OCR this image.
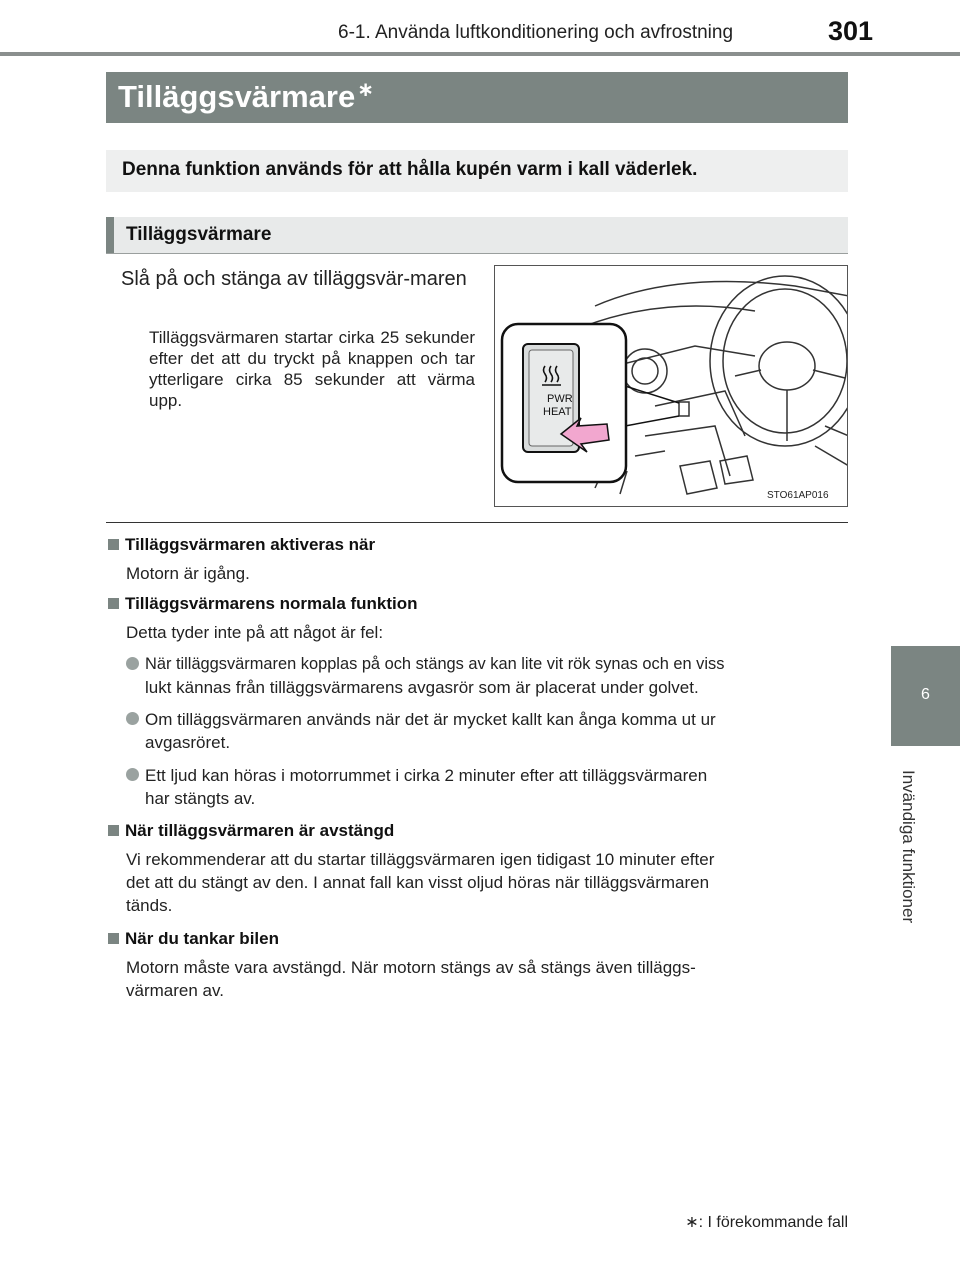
6-1. Använda luftkonditionering och avfrostning	301
6
Invändiga funktioner
Tilläggsvärmare ∗
Denna funktion används för att hålla kupén varm i kall väderlek.
Tilläggsvärmare
Slå på och stänga av tilläggsvär-maren
Tilläggsvärmaren startar cirka 25 sekunder efter det att du tryckt på knappen och tar ytterligare cirka 85 sekunder att värma upp.	PWR
HEAT
STO61AP016
Tilläggsvärmaren aktiveras när
Motorn är igång.
Tilläggsvärmarens normala funktion
Detta tyder inte på att något är fel:
När tilläggsvärmaren kopplas på och stängs av kan lite vit rök synas och en viss
lukt kännas från tilläggsvärmarens avgasrör som är placerat under golvet.
Om tilläggsvärmaren används när det är mycket kallt kan ånga komma ut ur
avgasröret.
Ett ljud kan höras i motorrummet i cirka 2 minuter efter att tilläggsvärmaren
har stängts av.
När tilläggsvärmaren är avstängd
Vi rekommenderar att du startar tilläggsvärmaren igen tidigast 10 minuter efter
det att du stängt av den. I annat fall kan visst oljud höras när tilläggsvärmaren
tänds.
När du tankar bilen
Motorn måste vara avstängd. När motorn stängs av så stängs även tilläggs-
värmaren av.
∗: I förekommande fall
